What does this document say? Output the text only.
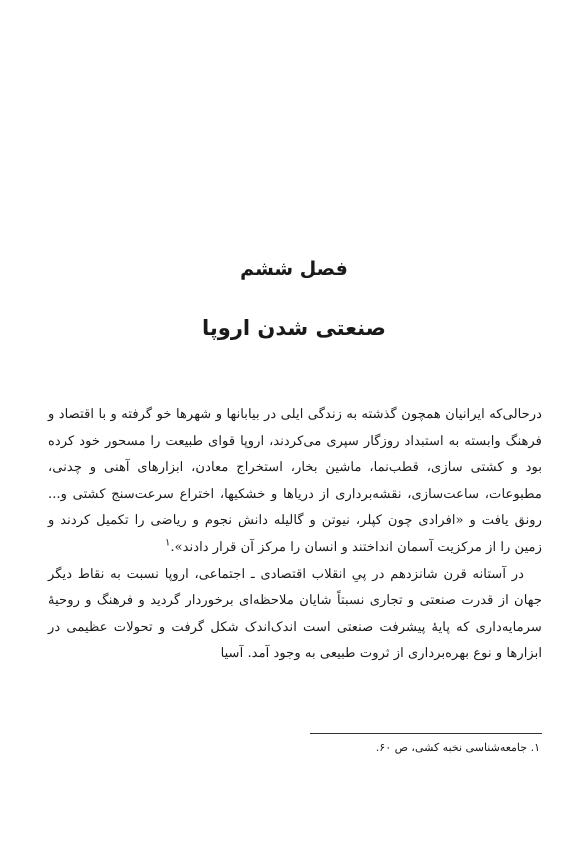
فصل ششم
صنعتی شدن اروپا

درحالی‌که ایرانیان همچون گذشته به زندگی ایلی در بیابانها و شهرها خو گرفته و با اقتصاد و فرهنگ وابسته به استبداد روزگار سپری می‌کردند، اروپا قوای طبیعت را مسحور خود کرده بود و کشتی سازی، قطب‌نما، ماشین بخار، استخراج معادن، ابزارهای آهنی و چدنی، مطبوعات، ساعت‌سازی، نقشه‌برداری از دریاها و خشکیها، اختراع سرعت‌سنج کشتی و... رونق یافت و «افرادی چون کپلر، نیوتن و گالیله دانش نجوم و ریاضی را تکمیل کردند و زمین را از مرکزیت آسمان انداختند و انسان را مرکز آن قرار دادند».$^۱$

در آستانه قرن شانزدهم در پیِ انقلاب اقتصادی ـ اجتماعی، اروپا نسبت به نقاط دیگر جهان از قدرت صنعتی و تجاری نسبتاً شایان ملاحظه‌ای برخوردار گردید و فرهنگ و روحیهٔ سرمایه‌داری که پایهٔ پیشرفت صنعتی است اندک‌اندک شکل گرفت و تحولات عظیمی در ابزارها و نوع بهره‌برداری از ثروت طبیعی به وجود آمد. آسیا

۱. جامعه‌شناسی نخبه کشی، ص ۶۰.
